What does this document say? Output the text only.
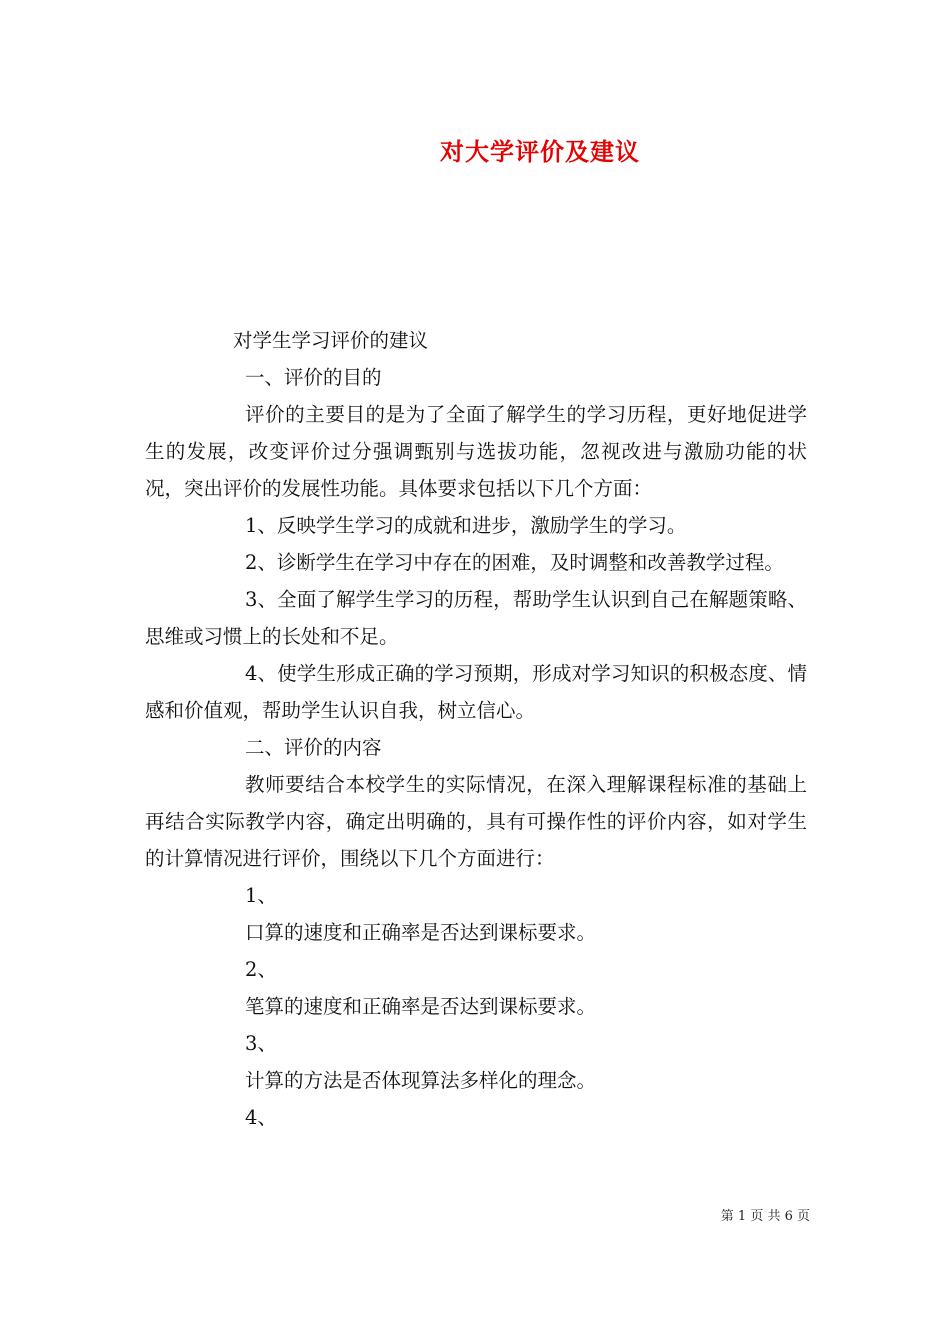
对大学评价及建议

对学生学习评价的建议

一、评价的目的

评价的主要目的是为了全面了解学生的学习历程，更好地促进学生的发展，改变评价过分强调甄别与选拔功能，忽视改进与激励功能的状况，突出评价的发展性功能。具体要求包括以下几个方面：

1、反映学生学习的成就和进步，激励学生的学习。

2、诊断学生在学习中存在的困难，及时调整和改善教学过程。

3、全面了解学生学习的历程，帮助学生认识到自己在解题策略、思维或习惯上的长处和不足。

4、使学生形成正确的学习预期，形成对学习知识的积极态度、情感和价值观，帮助学生认识自我，树立信心。

二、评价的内容

教师要结合本校学生的实际情况，在深入理解课程标准的基础上再结合实际教学内容，确定出明确的，具有可操作性的评价内容，如对学生的计算情况进行评价，围绕以下几个方面进行：

1、

口算的速度和正确率是否达到课标要求。

2、

笔算的速度和正确率是否达到课标要求。

3、

计算的方法是否体现算法多样化的理念。

4、

第 1 页 共 6 页
